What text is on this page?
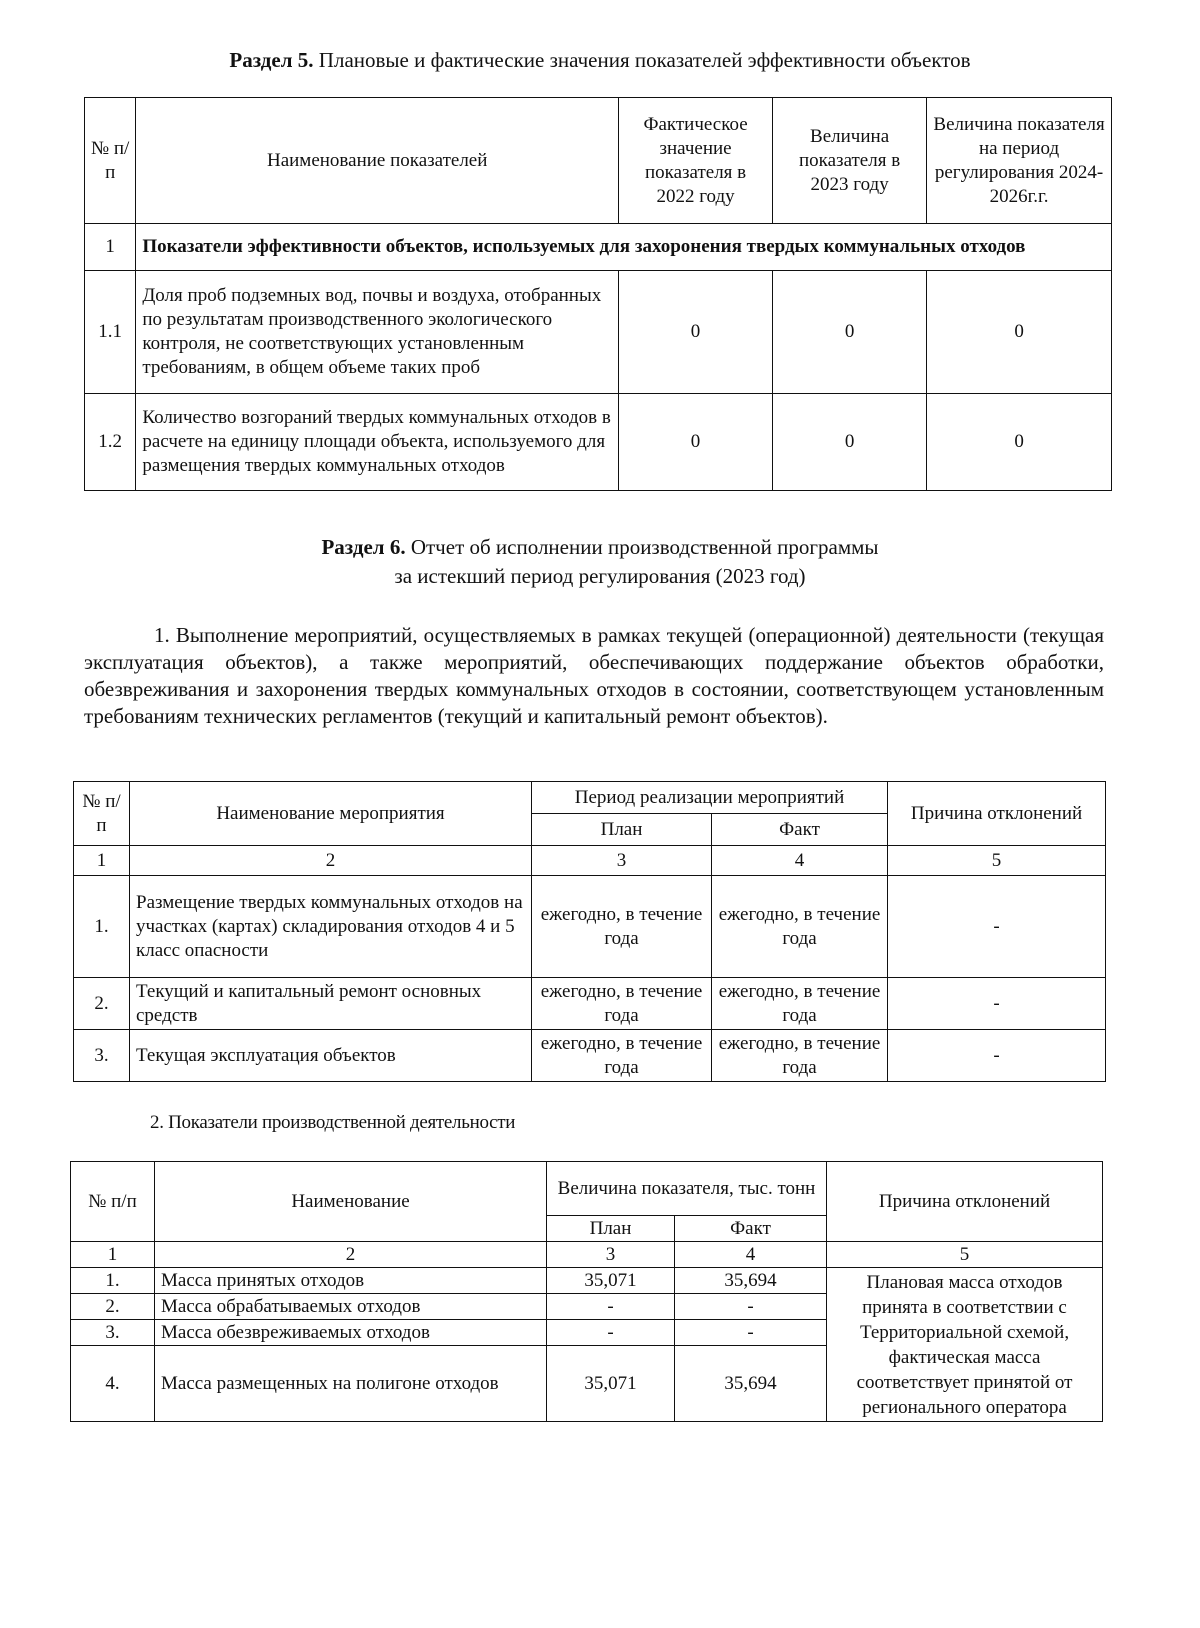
Раздел 5. Плановые и фактические значения показателей эффективности объектов
№ п/п	Наименование показателей	Фактическое значение показателя в 2022 году	Величина показателя в 2023 году	Величина показателя на период регулирования 2024-2026г.г.
1	Показатели эффективности объектов, используемых для захоронения твердых коммунальных отходов			
1.1	Доля проб подземных вод, почвы и воздуха, отобранных по результатам производственного экологического контроля, не соответствующих установленным требованиям, в общем объеме таких проб	0	0	0
1.2	Количество возгораний твердых коммунальных отходов в расчете на единицу площади объекта, используемого для размещения твердых коммунальных отходов	0	0	0
Раздел 6. Отчет об исполнении производственной программы
за истекший период регулирования (2023 год)
1. Выполнение мероприятий, осуществляемых в рамках текущей (операционной) деятельности (текущая эксплуатация объектов), а также мероприятий, обеспечивающих поддержание объектов обработки, обезвреживания и захоронения твердых коммунальных отходов в состоянии, соответствующем установленным требованиям технических регламентов (текущий и капитальный ремонт объектов).
№ п/п	Наименование мероприятия	Период реализации мероприятий		Причина отклонений
		План	Факт	
1	2	3	4	5
1.	Размещение твердых коммунальных отходов на участках (картах) складирования отходов 4 и 5 класс опасности	ежегодно, в течение года	ежегодно, в течение года	-
2.	Текущий и капитальный ремонт основных средств	ежегодно, в течение года	ежегодно, в течение года	-
3.	Текущая эксплуатация объектов	ежегодно, в течение года	ежегодно, в течение года	-
2. Показатели производственной деятельности
№ п/п	Наименование	Величина показателя, тыс. тонн		Причина отклонений
		План	Факт	
1	2	3	4	5
1.	Масса принятых отходов	35,071	35,694	Плановая масса отходов принята в соответствии с Территориальной схемой, фактическая масса соответствует принятой от регионального оператора
2.	Масса обрабатываемых отходов	-	-	
3.	Масса обезвреживаемых отходов	-	-	
4.	Масса размещенных на полигоне отходов	35,071	35,694	
